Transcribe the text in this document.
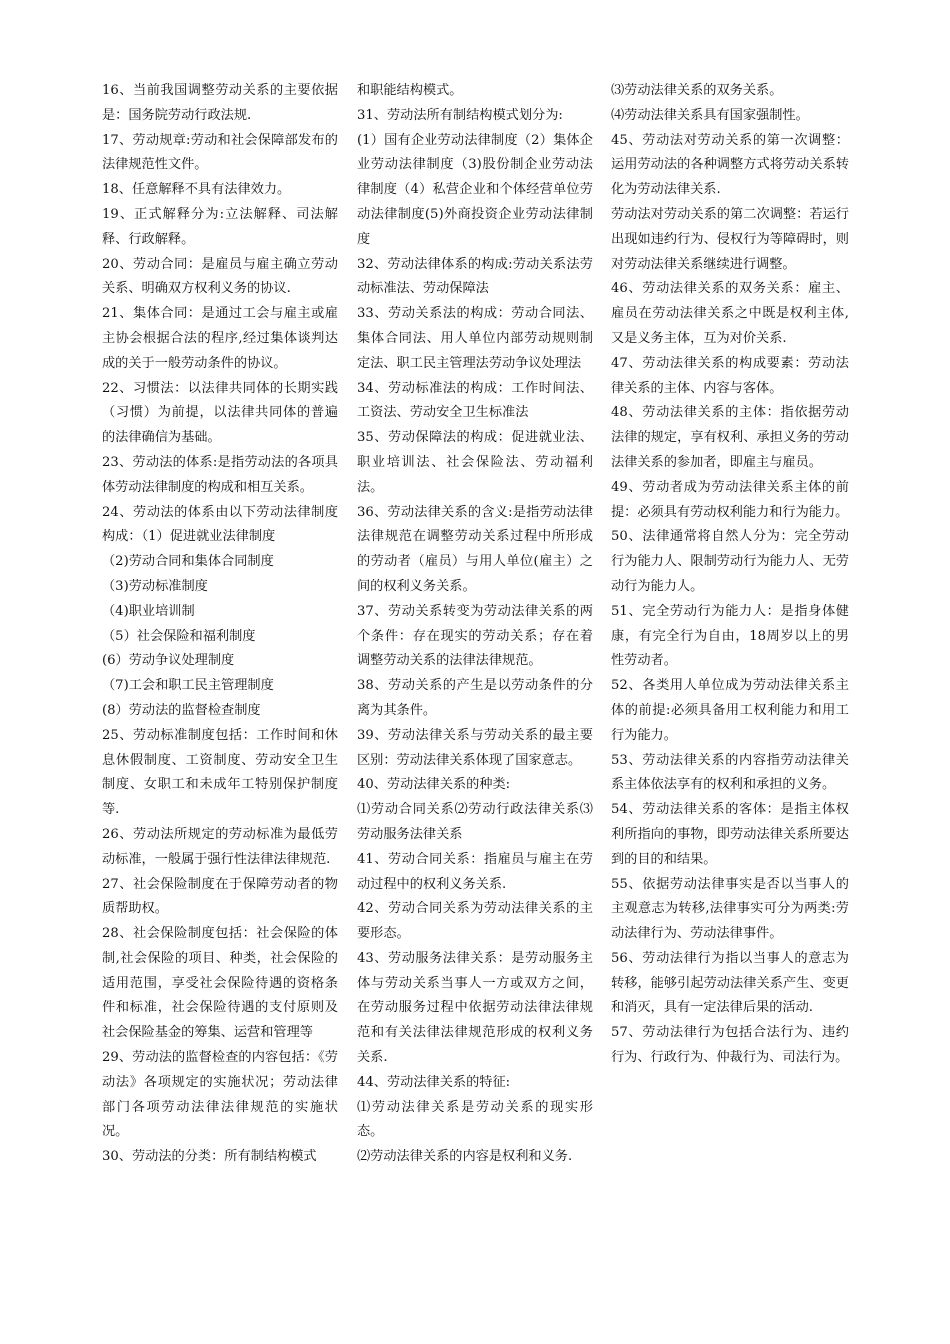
16、当前我国调整劳动关系的主要依据是：国务院劳动行政法规.

17、劳动规章:劳动和社会保障部发布的法律规范性文件。

18、任意解释不具有法律效力。

19、正式解释分为:立法解释、司法解释、行政解释。

20、劳动合同：是雇员与雇主确立劳动关系、明确双方权利义务的协议.

21、集体合同：是通过工会与雇主或雇主协会根据合法的程序,经过集体谈判达成的关于一般劳动条件的协议。

22、习惯法：以法律共同体的长期实践（习惯）为前提，以法律共同体的普遍的法律确信为基础。

23、劳动法的体系:是指劳动法的各项具体劳动法律制度的构成和相互关系。

24、劳动法的体系由以下劳动法律制度构成：（1）促进就业法律制度

（2)劳动合同和集体合同制度

（3)劳动标准制度

（4)职业培训制

（5）社会保险和福利制度

(6）劳动争议处理制度

（7)工会和职工民主管理制度

(8）劳动法的监督检查制度

25、劳动标准制度包括：工作时间和休息休假制度、工资制度、劳动安全卫生制度、女职工和未成年工特别保护制度等.

26、劳动法所规定的劳动标准为最低劳动标准，一般属于强行性法律法律规范.

27、社会保险制度在于保障劳动者的物质帮助权。

28、社会保险制度包括：社会保险的体制,社会保险的项目、种类，社会保险的适用范围，享受社会保险待遇的资格条件和标准，社会保险待遇的支付原则及社会保险基金的筹集、运营和管理等

29、劳动法的监督检查的内容包括：《劳动法》各项规定的实施状况；劳动法律部门各项劳动法律法律规范的实施状况。

30、劳动法的分类：所有制结构模式

和职能结构模式。

31、劳动法所有制结构模式划分为:

(1）国有企业劳动法律制度（2）集体企业劳动法律制度（3)股份制企业劳动法律制度（4）私营企业和个体经营单位劳动法律制度(5)外商投资企业劳动法律制度

32、劳动法律体系的构成:劳动关系法劳动标准法、劳动保障法

33、劳动关系法的构成：劳动合同法、集体合同法、用人单位内部劳动规则制定法、职工民主管理法劳动争议处理法

34、劳动标准法的构成：工作时间法、工资法、劳动安全卫生标准法

35、劳动保障法的构成：促进就业法、职业培训法、社会保险法、劳动福利法。

36、劳动法律关系的含义:是指劳动法律法律规范在调整劳动关系过程中所形成的劳动者（雇员）与用人单位(雇主）之间的权利义务关系。

37、劳动关系转变为劳动法律关系的两个条件：存在现实的劳动关系；存在着调整劳动关系的法律法律规范。

38、劳动关系的产生是以劳动条件的分离为其条件。

39、劳动法律关系与劳动关系的最主要区别：劳动法律关系体现了国家意志。

40、劳动法律关系的种类:

⑴劳动合同关系⑵劳动行政法律关系⑶劳动服务法律关系

41、劳动合同关系：指雇员与雇主在劳动过程中的权利义务关系.

42、劳动合同关系为劳动法律关系的主要形态。

43、劳动服务法律关系：是劳动服务主体与劳动关系当事人一方或双方之间，在劳动服务过程中依据劳动法律法律规范和有关法律法律规范形成的权利义务关系.

44、劳动法律关系的特征:

⑴劳动法律关系是劳动关系的现实形态。

⑵劳动法律关系的内容是权利和义务.

⑶劳动法律关系的双务关系。

⑷劳动法律关系具有国家强制性。

45、劳动法对劳动关系的第一次调整：运用劳动法的各种调整方式将劳动关系转化为劳动法律关系.

劳动法对劳动关系的第二次调整：若运行出现如违约行为、侵权行为等障碍时，则对劳动法律关系继续进行调整。

46、劳动法律关系的双务关系：雇主、雇员在劳动法律关系之中既是权利主体,又是义务主体，互为对价关系.

47、劳动法律关系的构成要素：劳动法律关系的主体、内容与客体。

48、劳动法律关系的主体：指依据劳动法律的规定，享有权利、承担义务的劳动法律关系的参加者，即雇主与雇员。

49、劳动者成为劳动法律关系主体的前提：必须具有劳动权利能力和行为能力。

50、法律通常将自然人分为：完全劳动行为能力人、限制劳动行为能力人、无劳动行为能力人。

51、完全劳动行为能力人：是指身体健康，有完全行为自由，18周岁以上的男性劳动者。

52、各类用人单位成为劳动法律关系主体的前提:必须具备用工权利能力和用工行为能力。

53、劳动法律关系的内容指劳动法律关系主体依法享有的权利和承担的义务。

54、劳动法律关系的客体：是指主体权利所指向的事物，即劳动法律关系所要达到的目的和结果。

55、依据劳动法律事实是否以当事人的主观意志为转移,法律事实可分为两类:劳动法律行为、劳动法律事件。

56、劳动法律行为指以当事人的意志为转移，能够引起劳动法律关系产生、变更和消灭，具有一定法律后果的活动.

57、劳动法律行为包括合法行为、违约行为、行政行为、仲裁行为、司法行为。
